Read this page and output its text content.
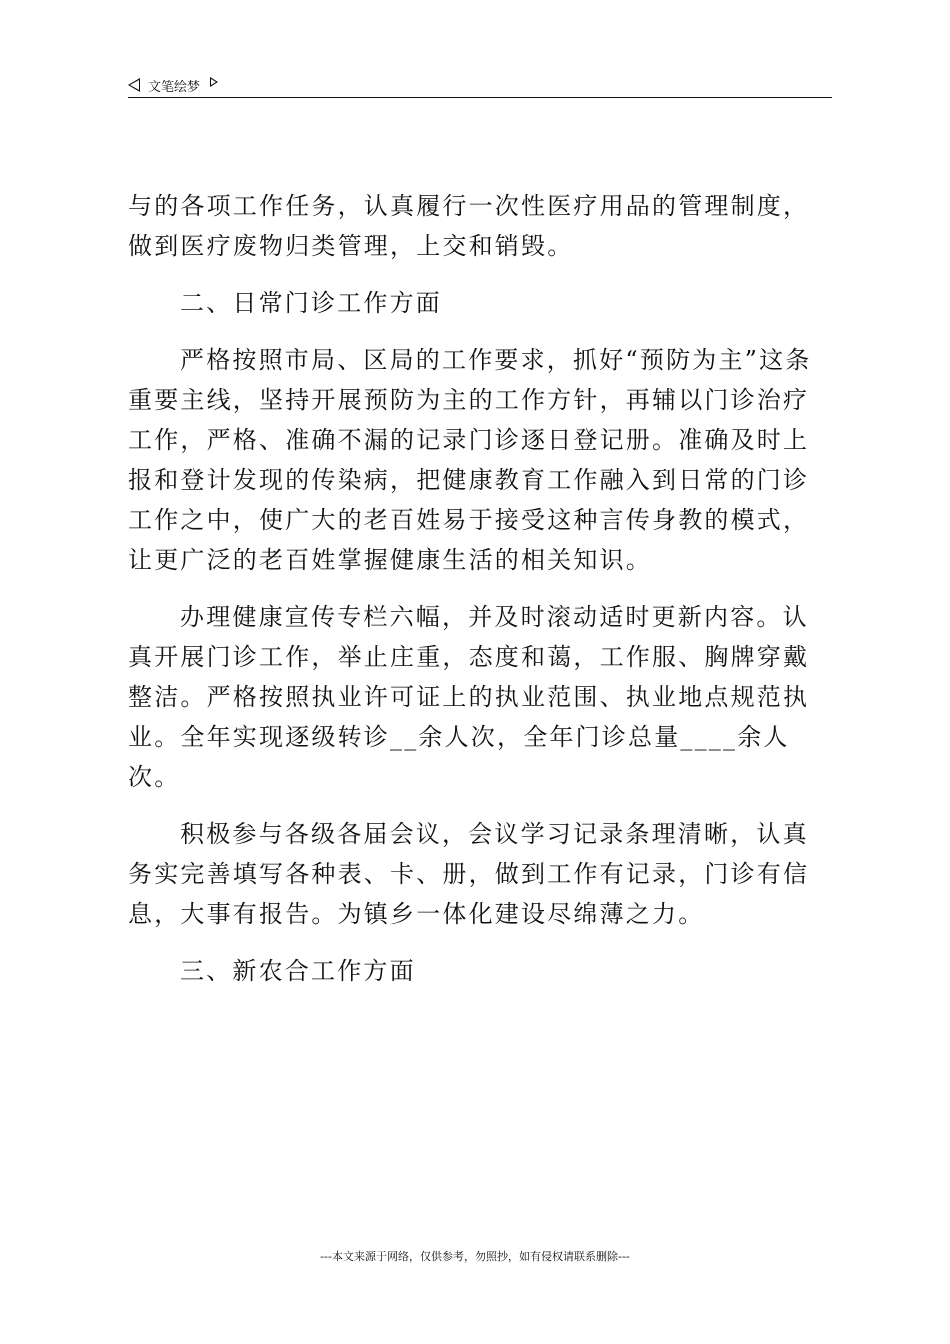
文笔绘梦

与的各项工作任务，认真履行一次性医疗用品的管理制度，做到医疗废物归类管理，上交和销毁。

二、日常门诊工作方面

严格按照市局、区局的工作要求，抓好“预防为主”这条重要主线，坚持开展预防为主的工作方针，再辅以门诊治疗工作，严格、准确不漏的记录门诊逐日登记册。准确及时上报和登计发现的传染病，把健康教育工作融入到日常的门诊工作之中，使广大的老百姓易于接受这种言传身教的模式，让更广泛的老百姓掌握健康生活的相关知识。

办理健康宣传专栏六幅，并及时滚动适时更新内容。认真开展门诊工作，举止庄重，态度和蔼，工作服、胸牌穿戴整洁。严格按照执业许可证上的执业范围、执业地点规范执业。全年实现逐级转诊__余人次，全年门诊总量____余人次。

积极参与各级各届会议，会议学习记录条理清晰，认真务实完善填写各种表、卡、册，做到工作有记录，门诊有信息，大事有报告。为镇乡一体化建设尽绵薄之力。

三、新农合工作方面

---本文来源于网络，仅供参考，勿照抄，如有侵权请联系删除---
